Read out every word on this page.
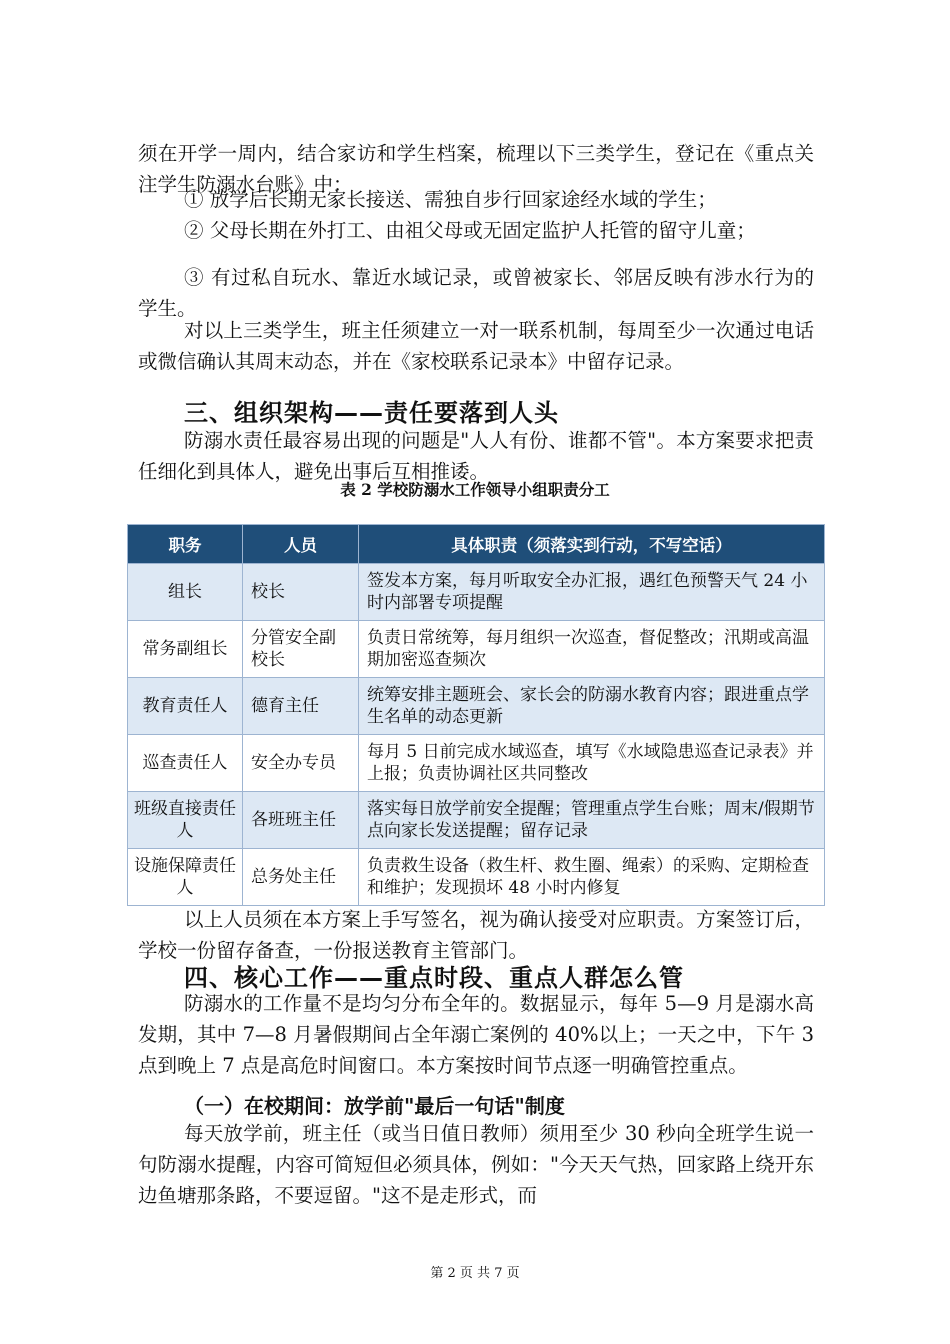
须在开学一周内，结合家访和学生档案，梳理以下三类学生，登记在《重点关注学生防溺水台账》中：
① 放学后长期无家长接送、需独自步行回家途经水域的学生；
② 父母长期在外打工、由祖父母或无固定监护人托管的留守儿童；
③ 有过私自玩水、靠近水域记录，或曾被家长、邻居反映有涉水行为的学生。
对以上三类学生，班主任须建立一对一联系机制，每周至少一次通过电话或微信确认其周末动态，并在《家校联系记录本》中留存记录。
三、组织架构——责任要落到人头
防溺水责任最容易出现的问题是"人人有份、谁都不管"。本方案要求把责任细化到具体人，避免出事后互相推诿。
表 2 学校防溺水工作领导小组职责分工
职务	人员	具体职责（须落实到行动，不写空话）
组长	校长	签发本方案，每月听取安全办汇报，遇红色预警天气 24 小时内部署专项提醒
常务副组长	分管安全副校长	负责日常统筹，每月组织一次巡查，督促整改；汛期或高温期加密巡查频次
教育责任人	德育主任	统筹安排主题班会、家长会的防溺水教育内容；跟进重点学生名单的动态更新
巡查责任人	安全办专员	每月 5 日前完成水域巡查，填写《水域隐患巡查记录表》并上报；负责协调社区共同整改
班级直接责任人	各班班主任	落实每日放学前安全提醒；管理重点学生台账；周末/假期节点向家长发送提醒；留存记录
设施保障责任人	总务处主任	负责救生设备（救生杆、救生圈、绳索）的采购、定期检查和维护；发现损坏 48 小时内修复
以上人员须在本方案上手写签名，视为确认接受对应职责。方案签订后，学校一份留存备查，一份报送教育主管部门。
四、核心工作——重点时段、重点人群怎么管
防溺水的工作量不是均匀分布全年的。数据显示，每年 5—9 月是溺水高发期，其中 7—8 月暑假期间占全年溺亡案例的 40%以上；一天之中，下午 3 点到晚上 7 点是高危时间窗口。本方案按时间节点逐一明确管控重点。
（一）在校期间：放学前"最后一句话"制度
每天放学前，班主任（或当日值日教师）须用至少 30 秒向全班学生说一句防溺水提醒，内容可简短但必须具体，例如："今天天气热，回家路上绕开东边鱼塘那条路，不要逗留。"这不是走形式，而
第 2 页 共 7 页
